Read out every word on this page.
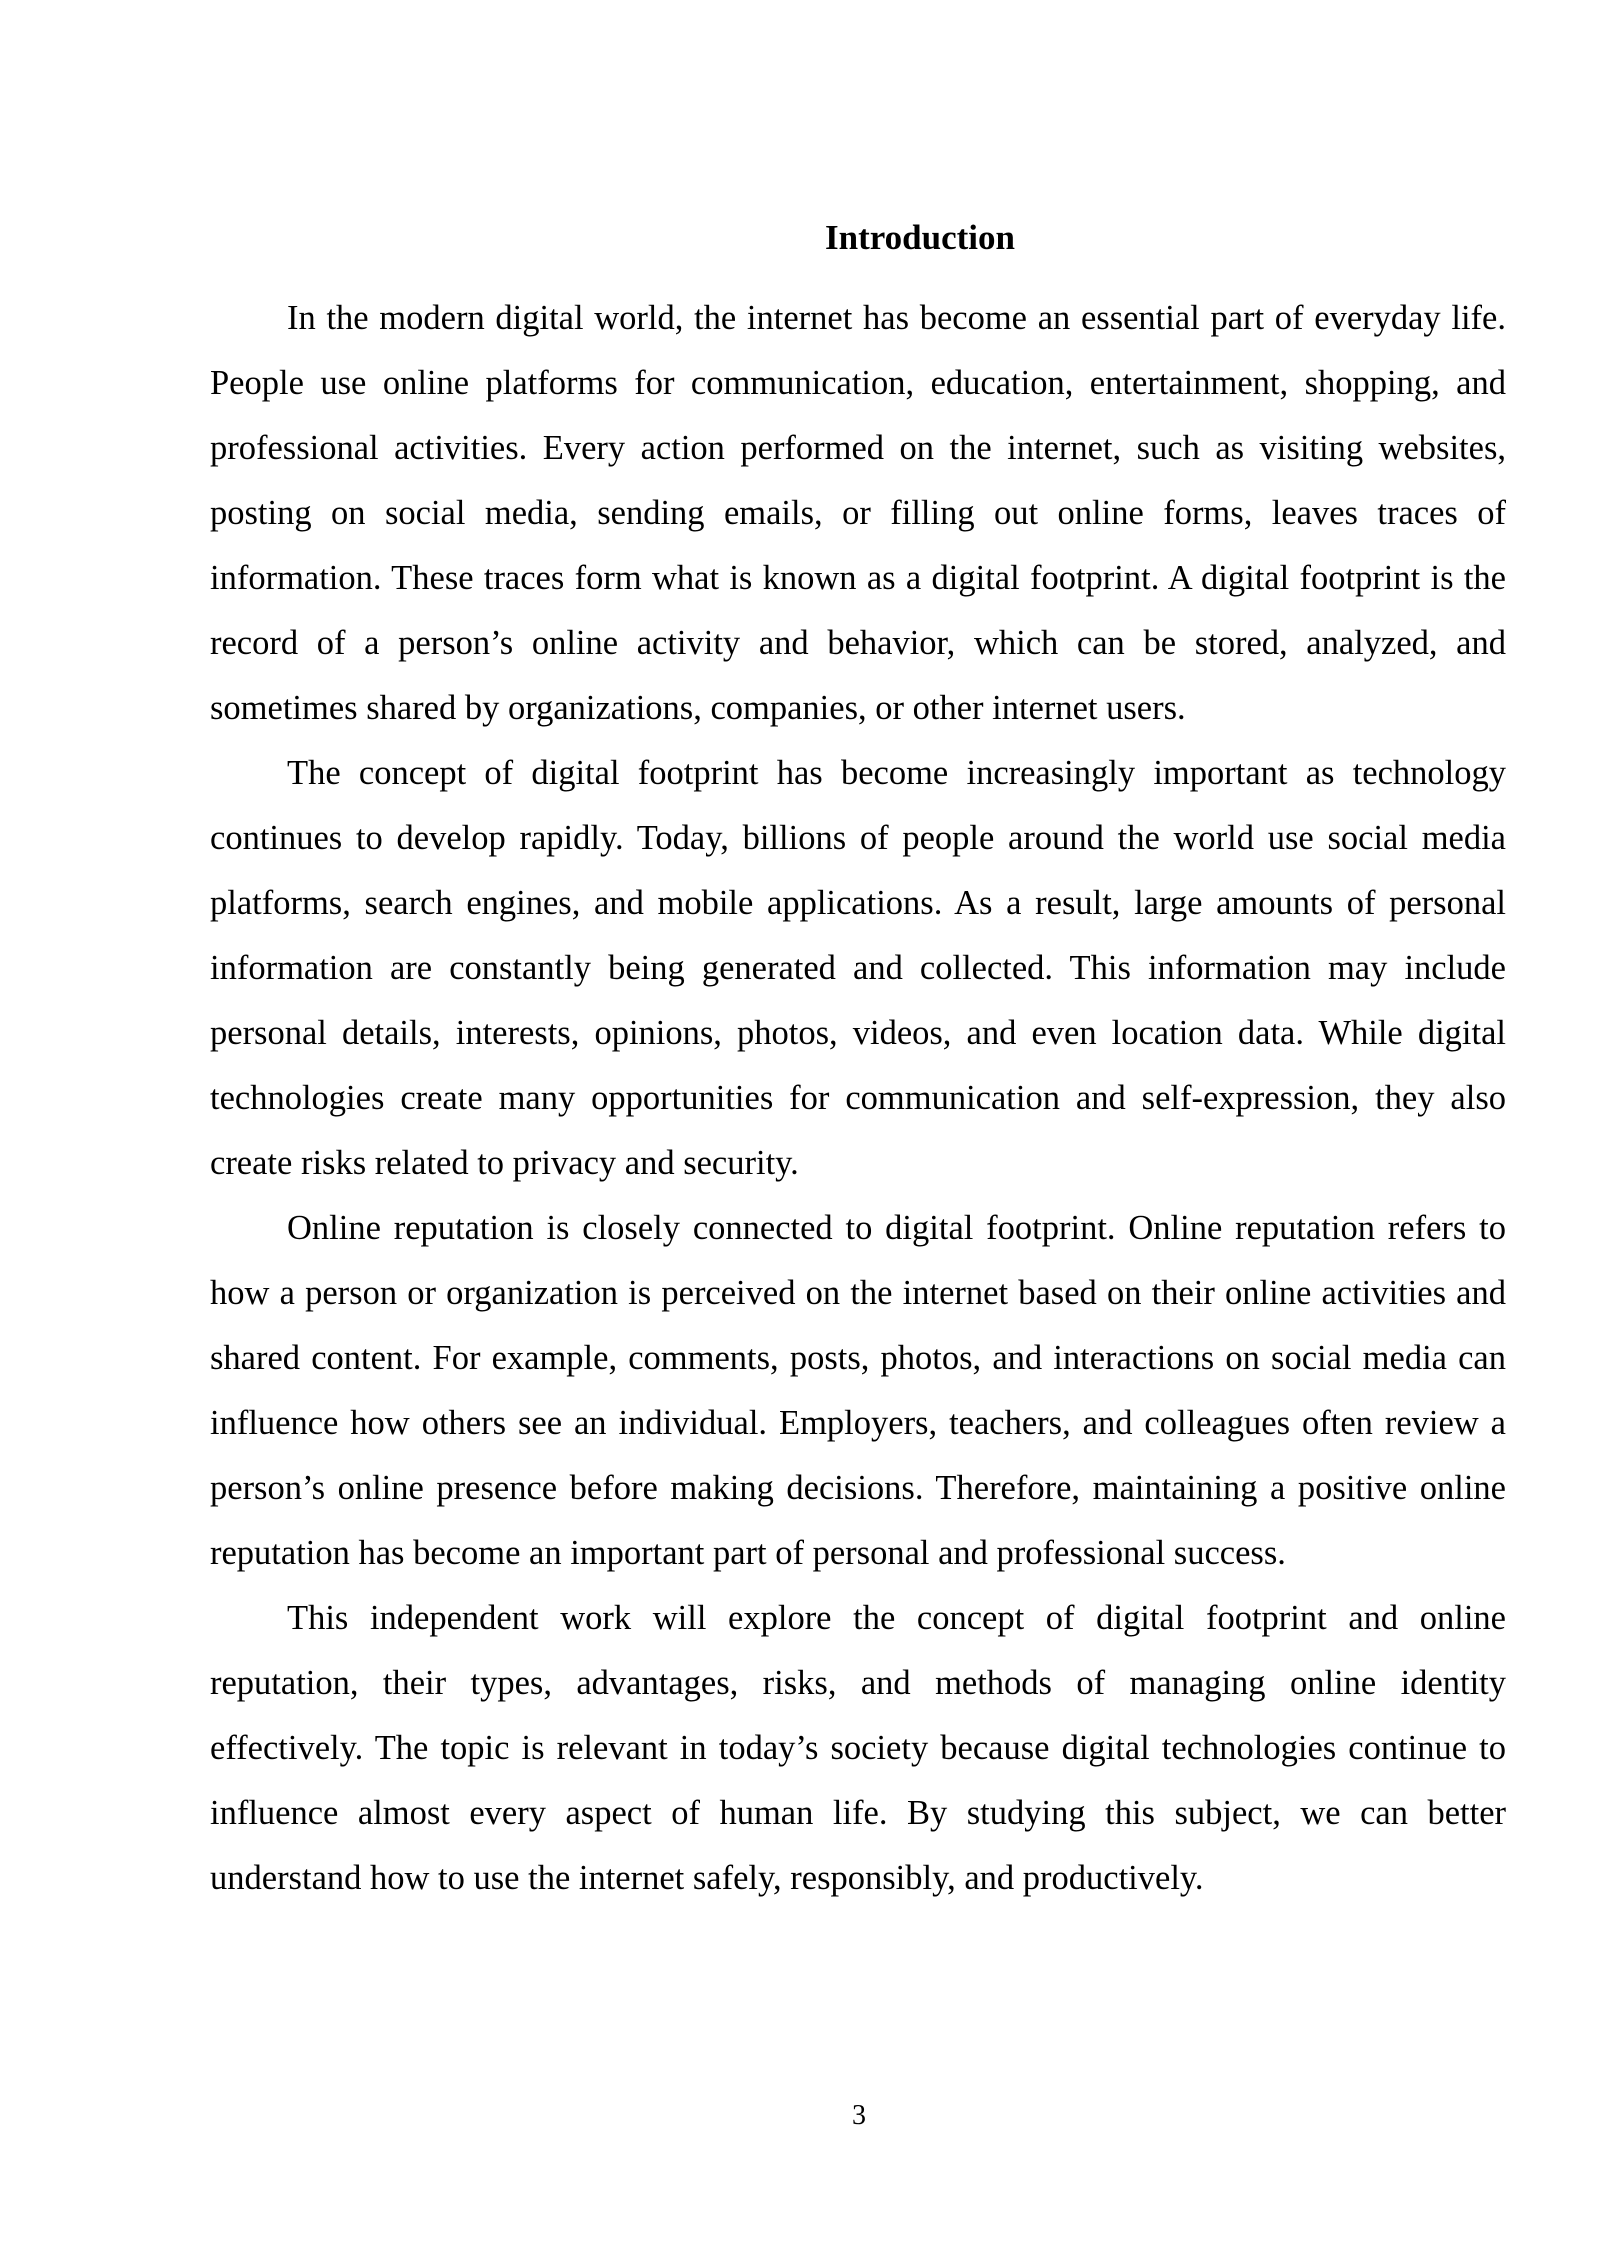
Introduction

In the modern digital world, the internet has become an essential part of everyday life. People use online platforms for communication, education, entertainment, shopping, and professional activities. Every action performed on the internet, such as visiting websites, posting on social media, sending emails, or filling out online forms, leaves traces of information. These traces form what is known as a digital footprint. A digital footprint is the record of a person’s online activity and behavior, which can be stored, analyzed, and sometimes shared by organizations, companies, or other internet users.

The concept of digital footprint has become increasingly important as technology continues to develop rapidly. Today, billions of people around the world use social media platforms, search engines, and mobile applications. As a result, large amounts of personal information are constantly being generated and collected. This information may include personal details, interests, opinions, photos, videos, and even location data. While digital technologies create many opportunities for communication and self-expression, they also create risks related to privacy and security.

Online reputation is closely connected to digital footprint. Online reputation refers to how a person or organization is perceived on the internet based on their online activities and shared content. For example, comments, posts, photos, and interactions on social media can influence how others see an individual. Employers, teachers, and colleagues often review a person’s online presence before making decisions. Therefore, maintaining a positive online reputation has become an important part of personal and professional success.

This independent work will explore the concept of digital footprint and online reputation, their types, advantages, risks, and methods of managing online identity effectively. The topic is relevant in today’s society because digital technologies continue to influence almost every aspect of human life. By studying this subject, we can better understand how to use the internet safely, responsibly, and productively.

3
